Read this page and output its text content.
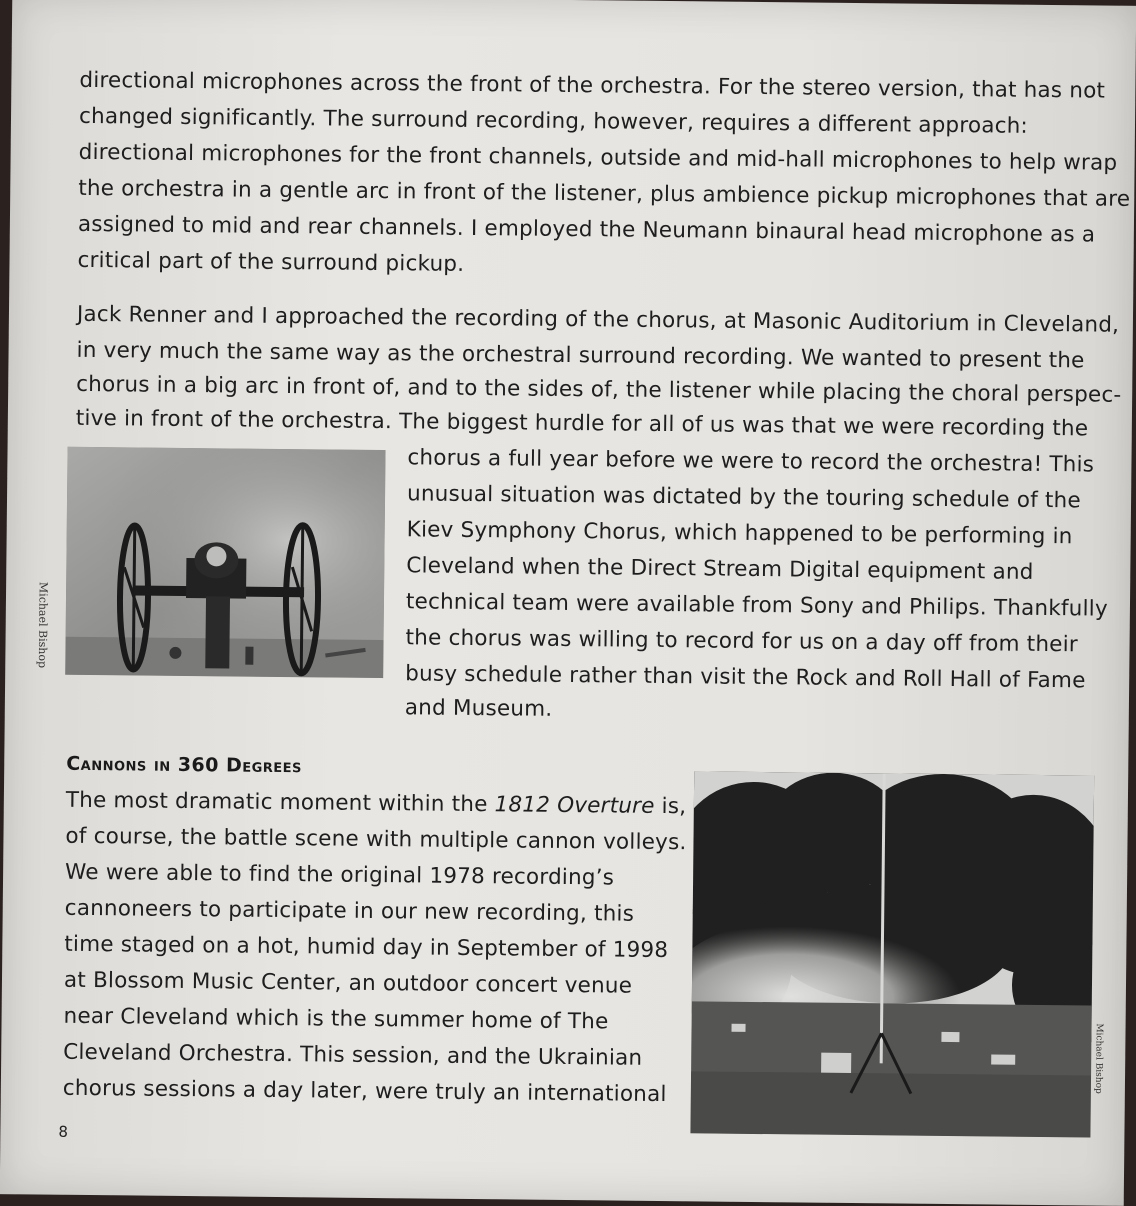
directional microphones across the front of the orchestra. For the stereo version, that has not
changed significantly. The surround recording, however, requires a different approach:
directional microphones for the front channels, outside and mid-hall microphones to help wrap
the orchestra in a gentle arc in front of the listener, plus ambience pickup microphones that are
assigned to mid and rear channels. I employed the Neumann binaural head microphone as a
critical part of the surround pickup.
Jack Renner and I approached the recording of the chorus, at Masonic Auditorium in Cleveland,
in very much the same way as the orchestral surround recording. We wanted to present the
chorus in a big arc in front of, and to the sides of, the listener while placing the choral perspec-
tive in front of the orchestra. The biggest hurdle for all of us was that we were recording the
chorus a full year before we were to record the orchestra! This
unusual situation was dictated by the touring schedule of the
Kiev Symphony Chorus, which happened to be performing in
Cleveland when the Direct Stream Digital equipment and
technical team were available from Sony and Philips. Thankfully
the chorus was willing to record for us on a day off from their
busy schedule rather than visit the Rock and Roll Hall of Fame
and Museum.
Michael Bishop
Cannons in 360 Degrees
The most dramatic moment within the 1812 Overture is,
of course, the battle scene with multiple cannon volleys.
We were able to find the original 1978 recording’s
cannoneers to participate in our new recording, this
time staged on a hot, humid day in September of 1998
at Blossom Music Center, an outdoor concert venue
near Cleveland which is the summer home of The
Cleveland Orchestra. This session, and the Ukrainian
chorus sessions a day later, were truly an international	Michael Bishop
8
